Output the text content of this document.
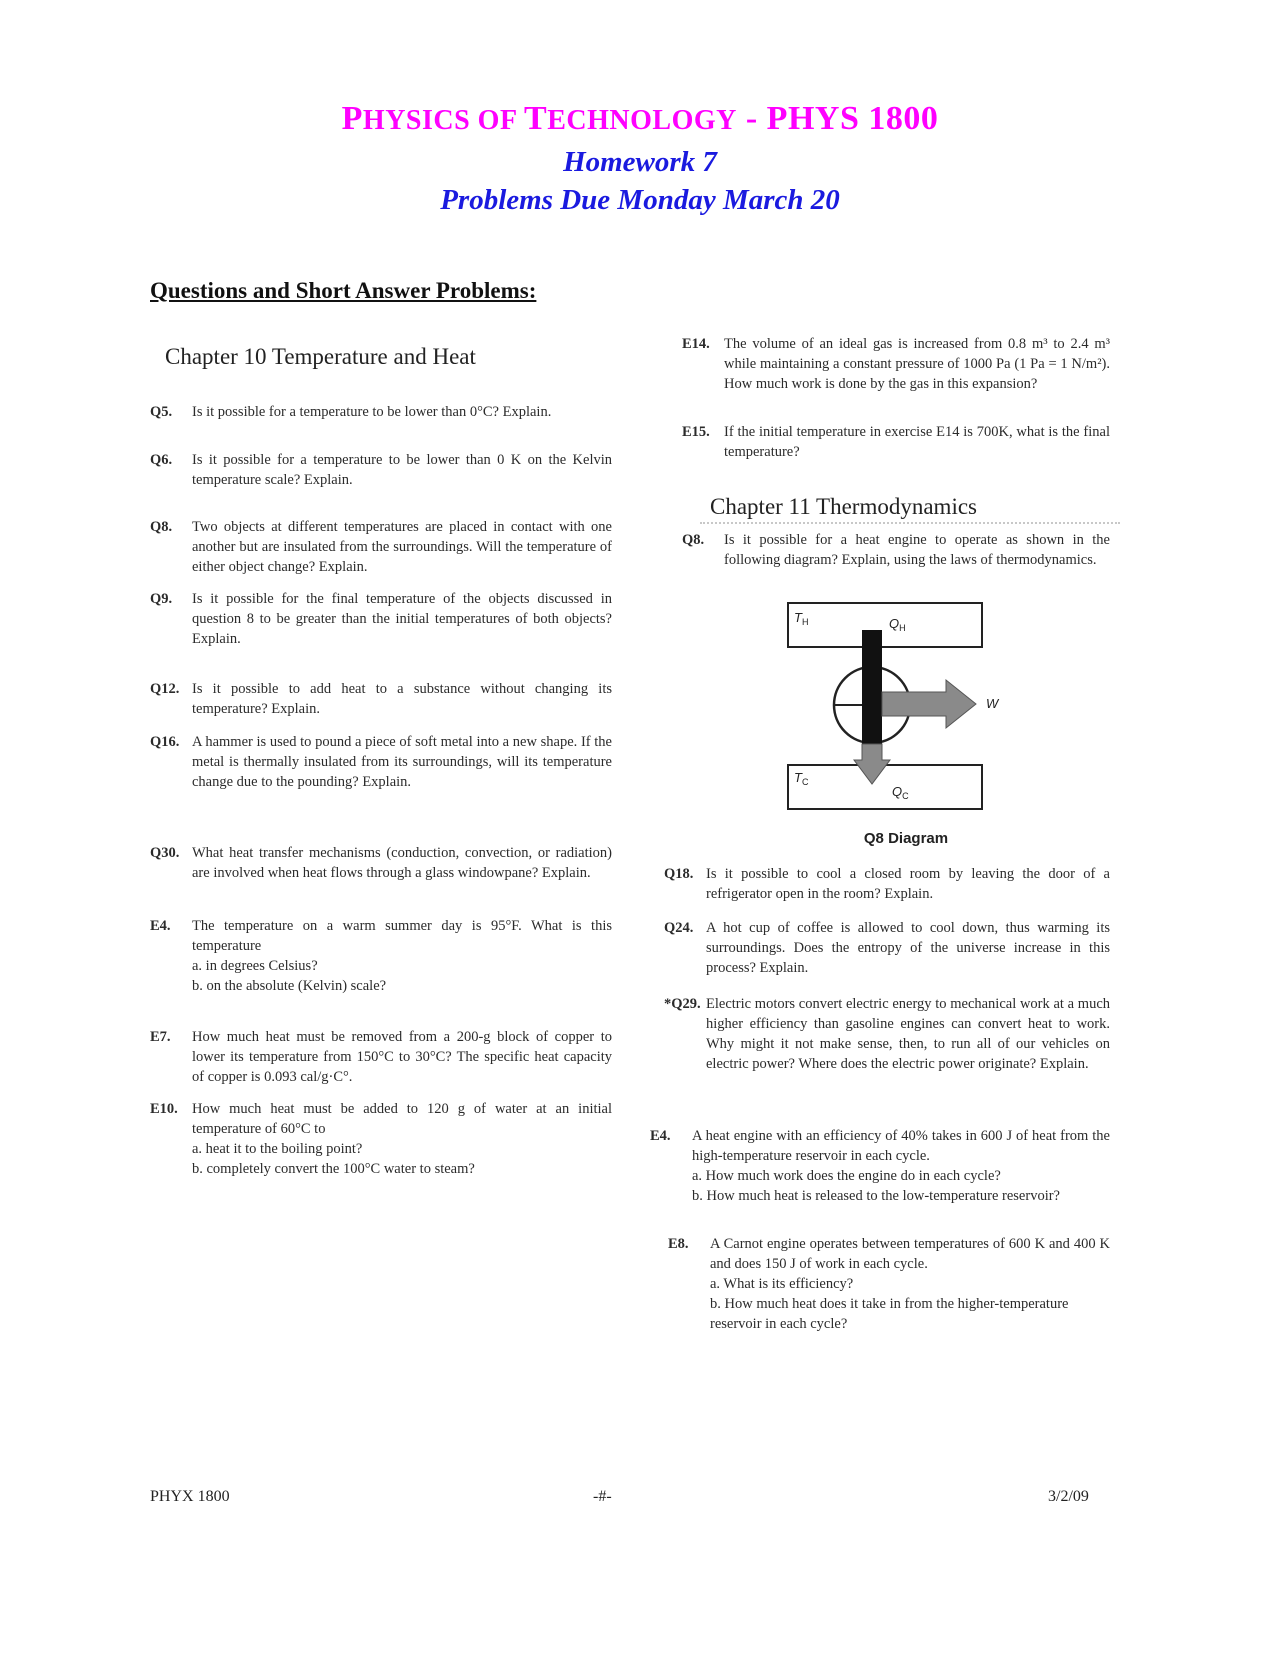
PHYSICS OF TECHNOLOGY - PHYS 1800
Homework 7
Problems Due Monday March 20
Questions and Short Answer Problems:
Chapter 10 Temperature and Heat
Q5. Is it possible for a temperature to be lower than 0°C? Explain.
Q6. Is it possible for a temperature to be lower than 0 K on the Kelvin temperature scale? Explain.
Q8. Two objects at different temperatures are placed in contact with one another but are insulated from the surroundings. Will the temperature of either object change? Explain.
Q9. Is it possible for the final temperature of the objects discussed in question 8 to be greater than the initial temperatures of both objects? Explain.
Q12. Is it possible to add heat to a substance without changing its temperature? Explain.
Q16. A hammer is used to pound a piece of soft metal into a new shape. If the metal is thermally insulated from its surroundings, will its temperature change due to the pounding? Explain.
Q30. What heat transfer mechanisms (conduction, convection, or radiation) are involved when heat flows through a glass windowpane? Explain.
E4. The temperature on a warm summer day is 95°F. What is this temperature
a. in degrees Celsius?
b. on the absolute (Kelvin) scale?
E7. How much heat must be removed from a 200-g block of copper to lower its temperature from 150°C to 30°C? The specific heat capacity of copper is 0.093 cal/g·C°.
E10. How much heat must be added to 120 g of water at an initial temperature of 60°C to
a. heat it to the boiling point?
b. completely convert the 100°C water to steam?
E14. The volume of an ideal gas is increased from 0.8 m³ to 2.4 m³ while maintaining a constant pressure of 1000 Pa (1 Pa = 1 N/m²). How much work is done by the gas in this expansion?
E15. If the initial temperature in exercise E14 is 700K, what is the final temperature?
Chapter 11 Thermodynamics
Q8. Is it possible for a heat engine to operate as shown in the following diagram? Explain, using the laws of thermodynamics.
$T_H$	$Q_H$
W
$T_C$
$Q_C$
Q8 Diagram
Q18. Is it possible to cool a closed room by leaving the door of a refrigerator open in the room? Explain.
Q24. A hot cup of coffee is allowed to cool down, thus warming its surroundings. Does the entropy of the universe increase in this process? Explain.
*Q29. Electric motors convert electric energy to mechanical work at a much higher efficiency than gasoline engines can convert heat to work. Why might it not make sense, then, to run all of our vehicles on electric power? Where does the electric power originate? Explain.
E4. A heat engine with an efficiency of 40% takes in 600 J of heat from the high-temperature reservoir in each cycle.
a. How much work does the engine do in each cycle?
b. How much heat is released to the low-temperature reservoir?
E8. A Carnot engine operates between temperatures of 600 K and 400 K and does 150 J of work in each cycle.
a. What is its efficiency?
b. How much heat does it take in from the higher-temperature reservoir in each cycle?
PHYX 1800	-#-	3/2/09
